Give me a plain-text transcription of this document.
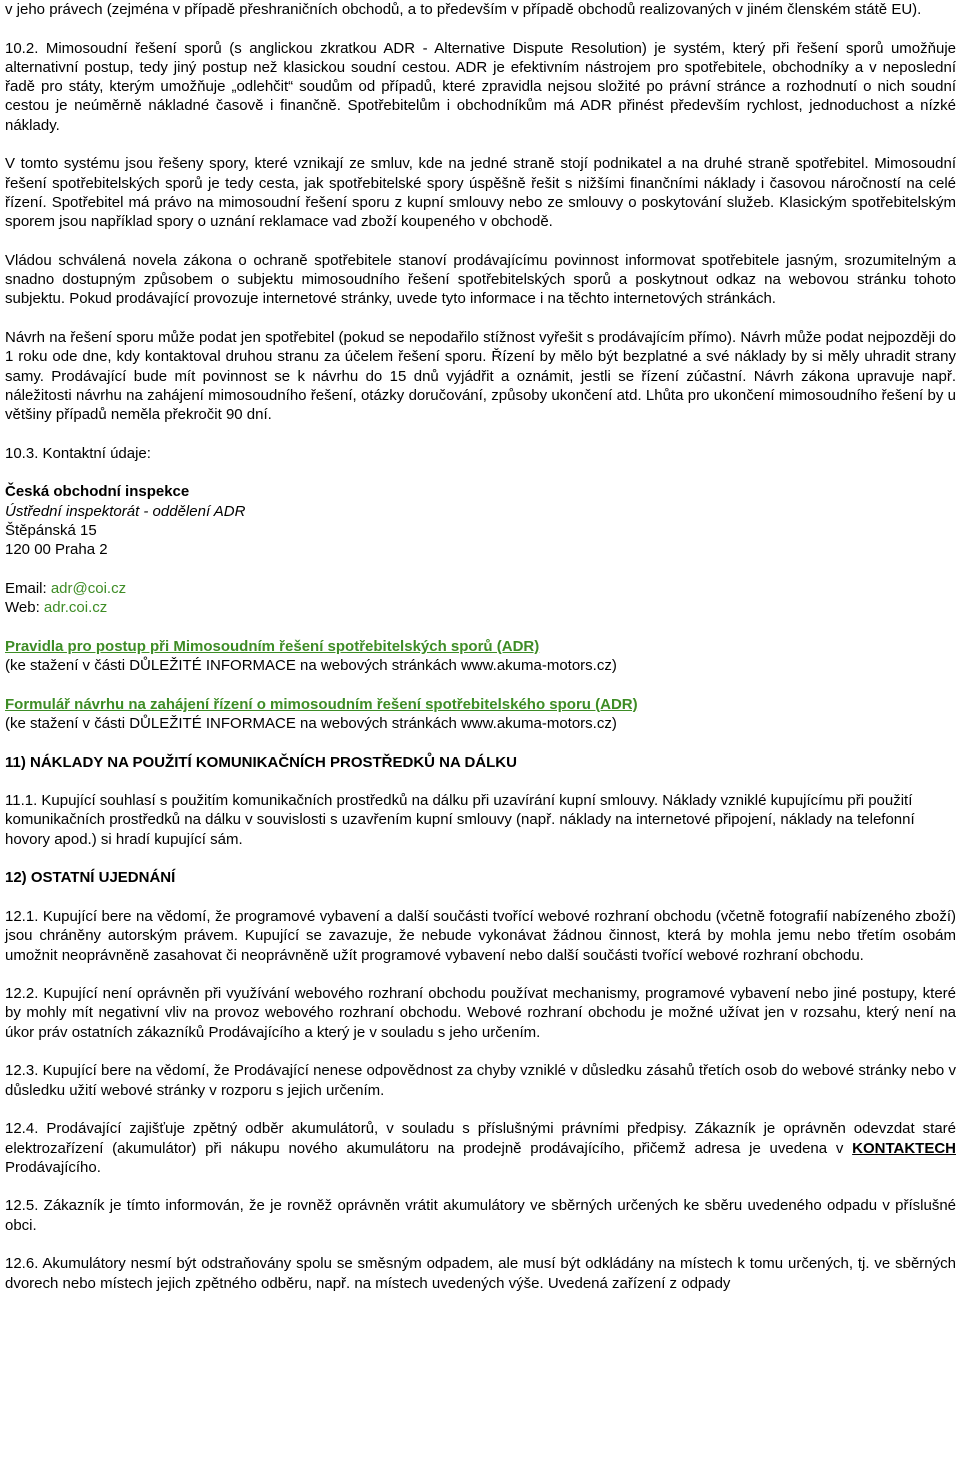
v jeho právech (zejména v případě přeshraničních obchodů, a to především v případě obchodů realizovaných v jiném členském státě EU).

10.2. Mimosoudní řešení sporů (s anglickou zkratkou ADR - Alternative Dispute Resolution) je systém, který při řešení sporů umožňuje alternativní postup, tedy jiný postup než klasickou soudní cestou. ADR je efektivním nástrojem pro spotřebitele, obchodníky a v neposlední řadě pro státy, kterým umožňuje „odlehčit“ soudům od případů, které zpravidla nejsou složité po právní stránce a rozhodnutí o nich soudní cestou je neúměrně nákladné časově i finančně. Spotřebitelům i obchodníkům má ADR přinést především rychlost, jednoduchost a nízké náklady.

V tomto systému jsou řešeny spory, které vznikají ze smluv, kde na jedné straně stojí podnikatel a na druhé straně spotřebitel. Mimosoudní řešení spotřebitelských sporů je tedy cesta, jak spotřebitelské spory úspěšně řešit s nižšími finančními náklady i časovou náročností na celé řízení. Spotřebitel má právo na mimosoudní řešení sporu z kupní smlouvy nebo ze smlouvy o poskytování služeb. Klasickým spotřebitelským sporem jsou například spory o uznání reklamace vad zboží koupeného v obchodě.

Vládou schválená novela zákona o ochraně spotřebitele stanoví prodávajícímu povinnost informovat spotřebitele jasným, srozumitelným a snadno dostupným způsobem o subjektu mimosoudního řešení spotřebitelských sporů a poskytnout odkaz na webovou stránku tohoto subjektu. Pokud prodávající provozuje internetové stránky, uvede tyto informace i na těchto internetových stránkách.

Návrh na řešení sporu může podat jen spotřebitel (pokud se nepodařilo stížnost vyřešit s prodávajícím přímo). Návrh může podat nejpozději do 1 roku ode dne, kdy kontaktoval druhou stranu za účelem řešení sporu. Řízení by mělo být bezplatné a své náklady by si měly uhradit strany samy. Prodávající bude mít povinnost se k návrhu do 15 dnů vyjádřit a oznámit, jestli se řízení zúčastní. Návrh zákona upravuje např. náležitosti návrhu na zahájení mimosoudního řešení, otázky doručování, způsoby ukončení atd. Lhůta pro ukončení mimosoudního řešení by u většiny případů neměla překročit 90 dní.

10.3. Kontaktní údaje:

Česká obchodní inspekce

Ústřední inspektorát - oddělení ADR

Štěpánská 15

120 00 Praha 2

Email: adr@coi.cz

Web: adr.coi.cz

Pravidla pro postup při Mimosoudním řešení spotřebitelských sporů (ADR)

(ke stažení v části DŮLEŽITÉ INFORMACE na webových stránkách www.akuma-motors.cz)

Formulář návrhu na zahájení řízení o mimosoudním řešení spotřebitelského sporu (ADR)

(ke stažení v části DŮLEŽITÉ INFORMACE na webových stránkách www.akuma-motors.cz)

11) NÁKLADY NA POUŽITÍ KOMUNIKAČNÍCH PROSTŘEDKŮ NA DÁLKU

11.1. Kupující souhlasí s použitím komunikačních prostředků na dálku při uzavírání kupní smlouvy. Náklady vzniklé kupujícímu při použití komunikačních prostředků na dálku v souvislosti s uzavřením kupní smlouvy (např. náklady na internetové připojení, náklady na telefonní hovory apod.) si hradí kupující sám.

12) OSTATNÍ UJEDNÁNÍ

12.1. Kupující bere na vědomí, že programové vybavení a další součásti tvořící webové rozhraní obchodu (včetně fotografií nabízeného zboží) jsou chráněny autorským právem. Kupující se zavazuje, že nebude vykonávat žádnou činnost, která by mohla jemu nebo třetím osobám umožnit neoprávněně zasahovat či neoprávněně užít programové vybavení nebo další součásti tvořící webové rozhraní obchodu.

12.2. Kupující není oprávněn při využívání webového rozhraní obchodu používat mechanismy, programové vybavení nebo jiné postupy, které by mohly mít negativní vliv na provoz webového rozhraní obchodu. Webové rozhraní obchodu je možné užívat jen v rozsahu, který není na úkor práv ostatních zákazníků Prodávajícího a který je v souladu s jeho určením.

12.3. Kupující bere na vědomí, že Prodávající nenese odpovědnost za chyby vzniklé v důsledku zásahů třetích osob do webové stránky nebo v důsledku užití webové stránky v rozporu s jejich určením.

12.4. Prodávající zajišťuje zpětný odběr akumulátorů, v souladu s příslušnými právními předpisy. Zákazník je oprávněn odevzdat staré elektrozařízení (akumulátor) při nákupu nového akumulátoru na prodejně prodávajícího, přičemž adresa je uvedena v KONTAKTECH Prodávajícího.

12.5. Zákazník je tímto informován, že je rovněž oprávněn vrátit akumulátory ve sběrných určených ke sběru uvedeného odpadu v příslušné obci.

12.6. Akumulátory nesmí být odstraňovány spolu se směsným odpadem, ale musí být odkládány na místech k tomu určených, tj. ve sběrných dvorech nebo místech jejich zpětného odběru, např. na místech uvedených výše. Uvedená zařízení z odpady
